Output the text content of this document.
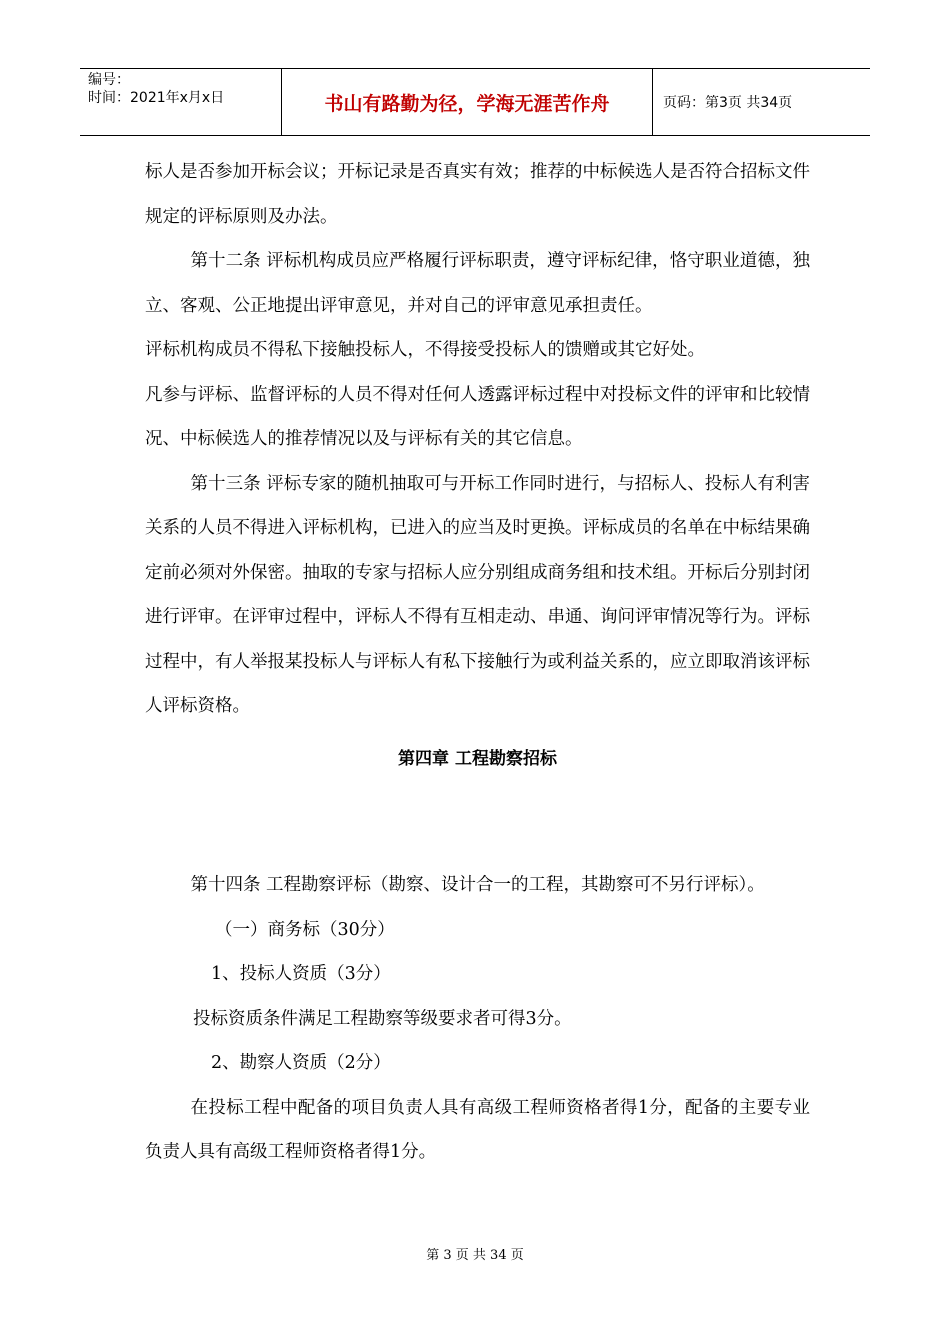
编号：
时间：2021年x月x日	书山有路勤为径，学海无涯苦作舟	页码：第3页 共34页

标人是否参加开标会议；开标记录是否真实有效；推荐的中标候选人是否符合招标文件规定的评标原则及办法。

第十二条 评标机构成员应严格履行评标职责，遵守评标纪律，恪守职业道德，独立、客观、公正地提出评审意见，并对自己的评审意见承担责任。

评标机构成员不得私下接触投标人，不得接受投标人的馈赠或其它好处。

凡参与评标、监督评标的人员不得对任何人透露评标过程中对投标文件的评审和比较情况、中标候选人的推荐情况以及与评标有关的其它信息。

第十三条 评标专家的随机抽取可与开标工作同时进行，与招标人、投标人有利害关系的人员不得进入评标机构，已进入的应当及时更换。评标成员的名单在中标结果确定前必须对外保密。抽取的专家与招标人应分别组成商务组和技术组。开标后分别封闭进行评审。在评审过程中，评标人不得有互相走动、串通、询问评审情况等行为。评标过程中，有人举报某投标人与评标人有私下接触行为或利益关系的，应立即取消该评标人评标资格。

第四章 工程勘察招标

第十四条 工程勘察评标（勘察、设计合一的工程，其勘察可不另行评标）。

（一）商务标（30分）

1、投标人资质（3分）

投标资质条件满足工程勘察等级要求者可得3分。

2、勘察人资质（2分）

在投标工程中配备的项目负责人具有高级工程师资格者得1分，配备的主要专业负责人具有高级工程师资格者得1分。

第 3 页 共 34 页
